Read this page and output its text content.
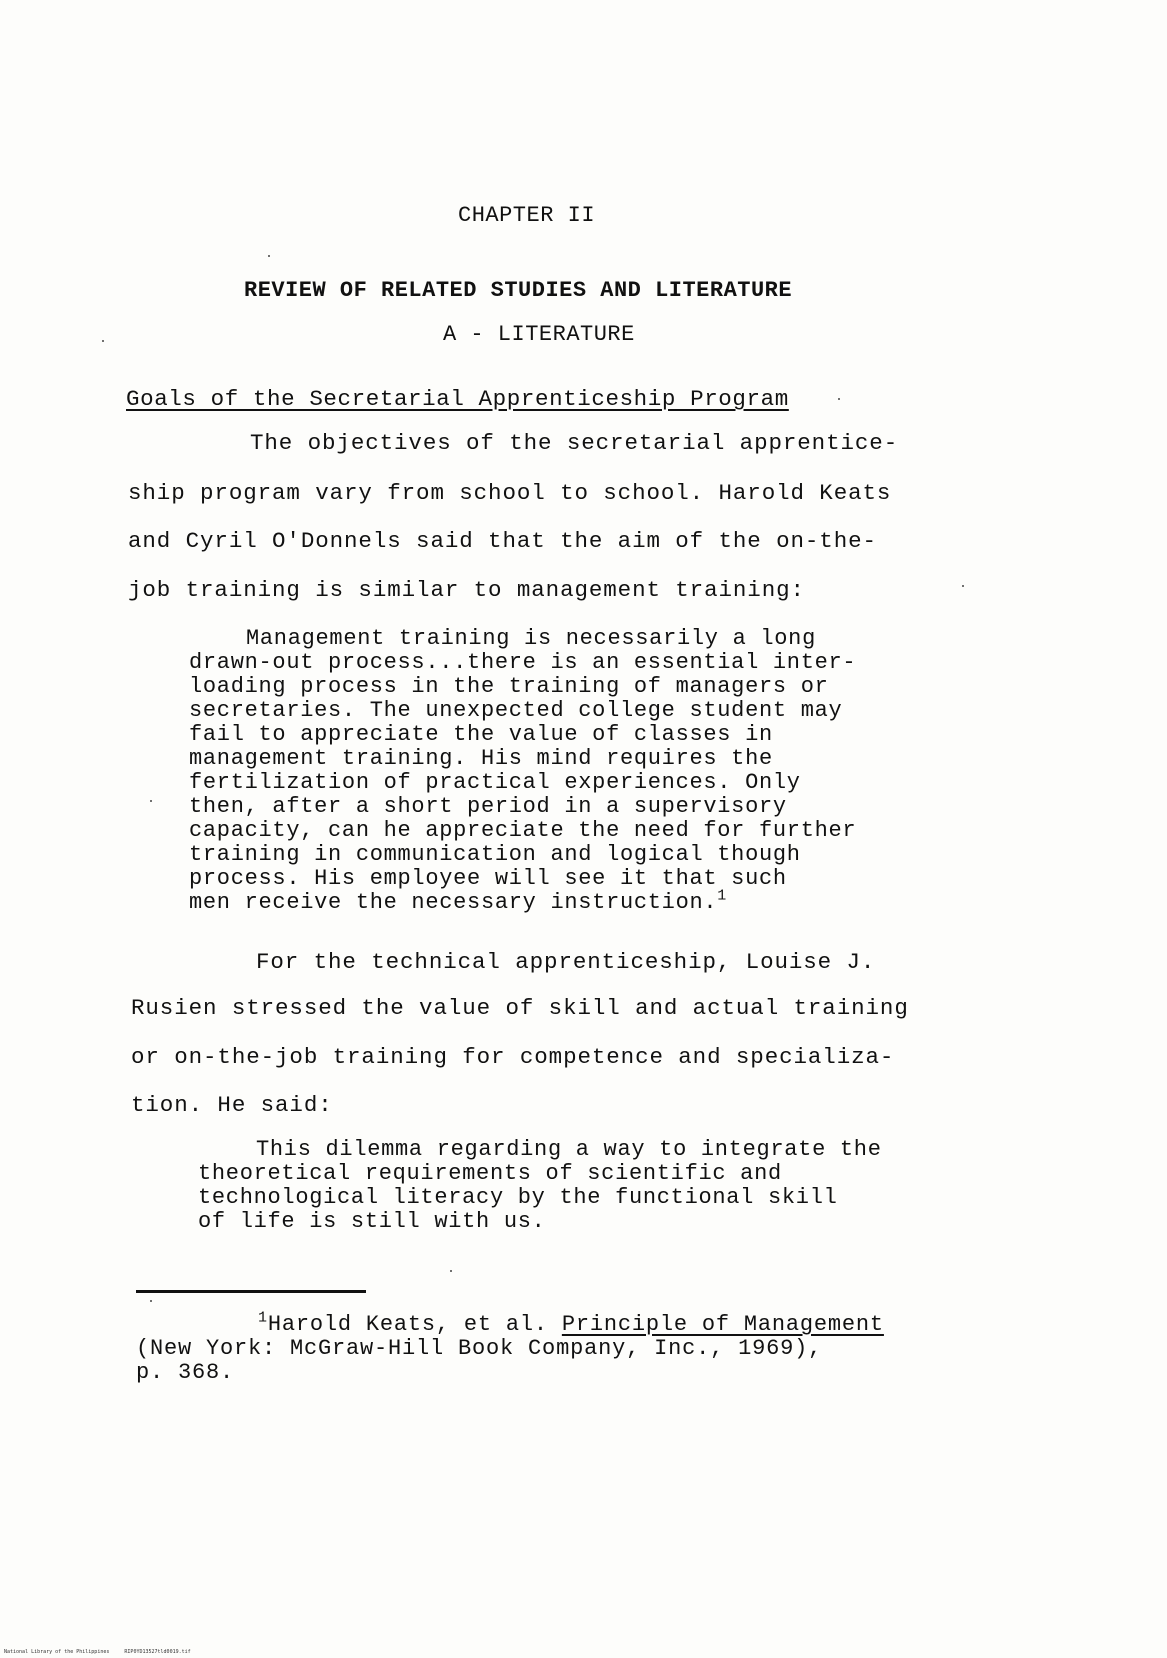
CHAPTER II
REVIEW OF RELATED STUDIES AND LITERATURE
A - LITERATURE
Goals of the Secretarial Apprenticeship Program
The objectives of the secretarial apprentice-
ship program vary from school to school. Harold Keats
and Cyril O'Donnels said that the aim of the on-the-
job training is similar to management training:
Management training is necessarily a long
drawn-out process...there is an essential inter-
loading process in the training of managers or
secretaries. The unexpected college student may
fail to appreciate the value of classes in
management training. His mind requires the
fertilization of practical experiences. Only
then, after a short period in a supervisory
capacity, can he appreciate the need for further
training in communication and logical though
process. His employee will see it that such
men receive the necessary instruction.$^1$
For the technical apprenticeship, Louise J.
Rusien stressed the value of skill and actual training
or on-the-job training for competence and specializa-
tion. He said:
This dilemma regarding a way to integrate the
theoretical requirements of scientific and
technological literacy by the functional skill
of life is still with us.
$^1$Harold Keats, et al. Principle of Management
(New York: McGraw-Hill Book Company, Inc., 1969),
p. 368.
National Library of the Philippines     RIP0YD13527tld0019.tif
